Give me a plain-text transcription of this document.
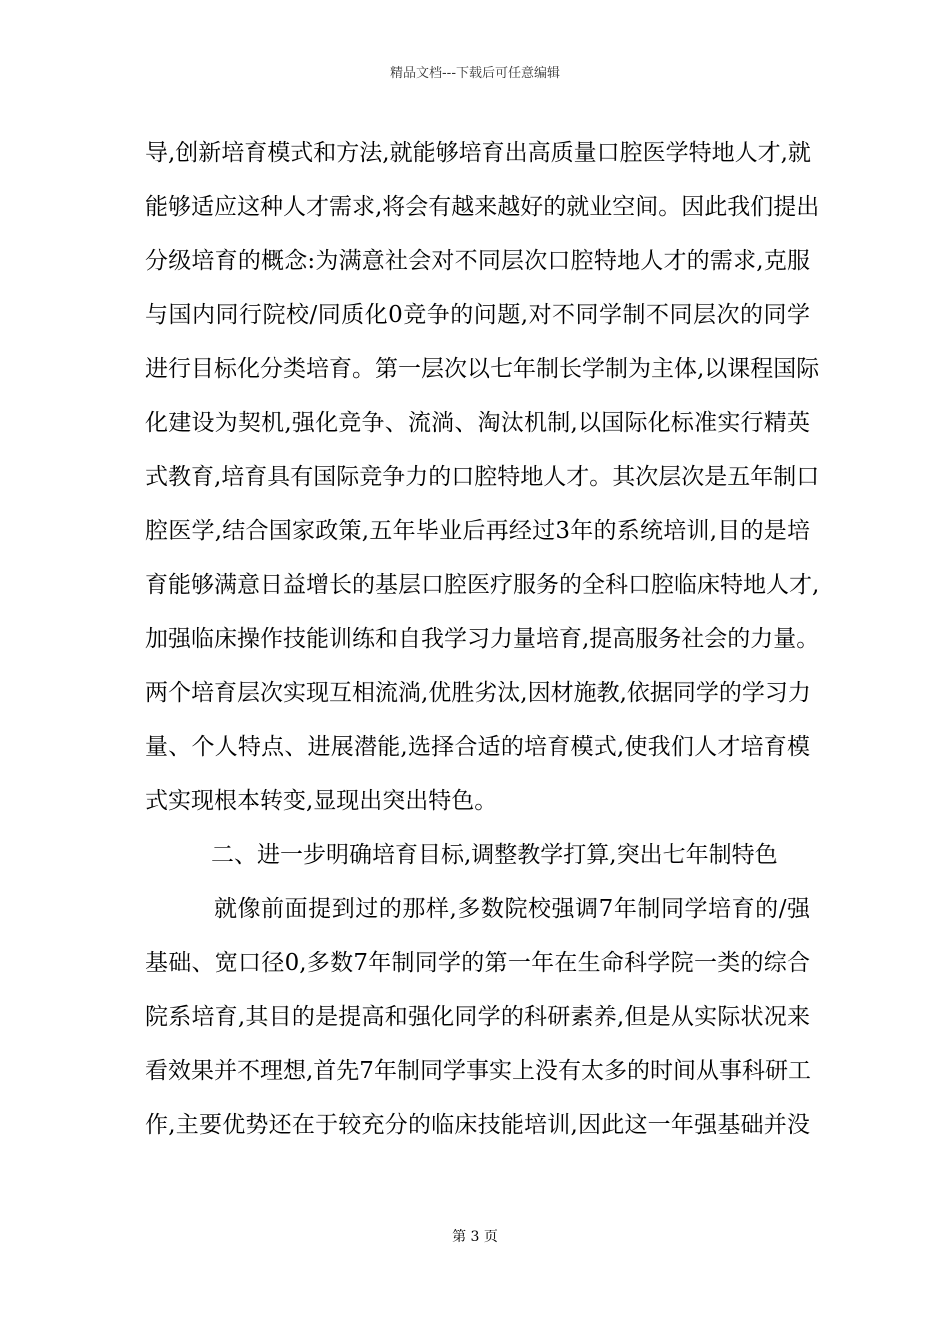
精品文档---下载后可任意编辑
导,创新培育模式和方法,就能够培育出高质量口腔医学特地人才,就
能够适应这种人才需求,将会有越来越好的就业空间。因此我们提出
分级培育的概念:为满意社会对不同层次口腔特地人才的需求,克服
与国内同行院校/同质化0竞争的问题,对不同学制不同层次的同学
进行目标化分类培育。第一层次以七年制长学制为主体,以课程国际
化建设为契机,强化竞争、流淌、淘汰机制,以国际化标准实行精英
式教育,培育具有国际竞争力的口腔特地人才。其次层次是五年制口
腔医学,结合国家政策,五年毕业后再经过3年的系统培训,目的是培
育能够满意日益增长的基层口腔医疗服务的全科口腔临床特地人才,
加强临床操作技能训练和自我学习力量培育,提高服务社会的力量。
两个培育层次实现互相流淌,优胜劣汰,因材施教,依据同学的学习力
量、个人特点、进展潜能,选择合适的培育模式,使我们人才培育模
式实现根本转变,显现出突出特色。
二、进一步明确培育目标,调整教学打算,突出七年制特色
就像前面提到过的那样,多数院校强调7年制同学培育的/强
基础、宽口径0,多数7年制同学的第一年在生命科学院一类的综合
院系培育,其目的是提高和强化同学的科研素养,但是从实际状况来
看效果并不理想,首先7年制同学事实上没有太多的时间从事科研工
作,主要优势还在于较充分的临床技能培训,因此这一年强基础并没
第 3 页
